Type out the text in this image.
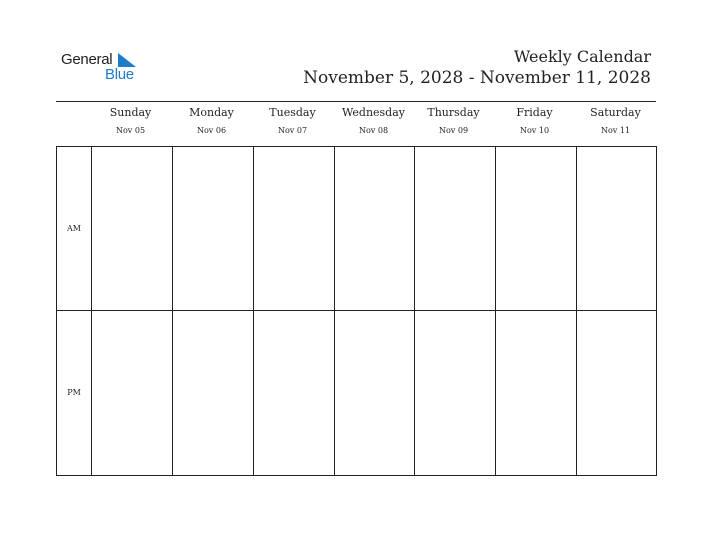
General
Blue
Weekly Calendar
November 5, 2028 - November 11, 2028
Sunday
Nov 05
Monday
Nov 06
Tuesday
Nov 07
Wednesday
Nov 08
Thursday
Nov 09
Friday
Nov 10
Saturday
Nov 11
AM
PM
